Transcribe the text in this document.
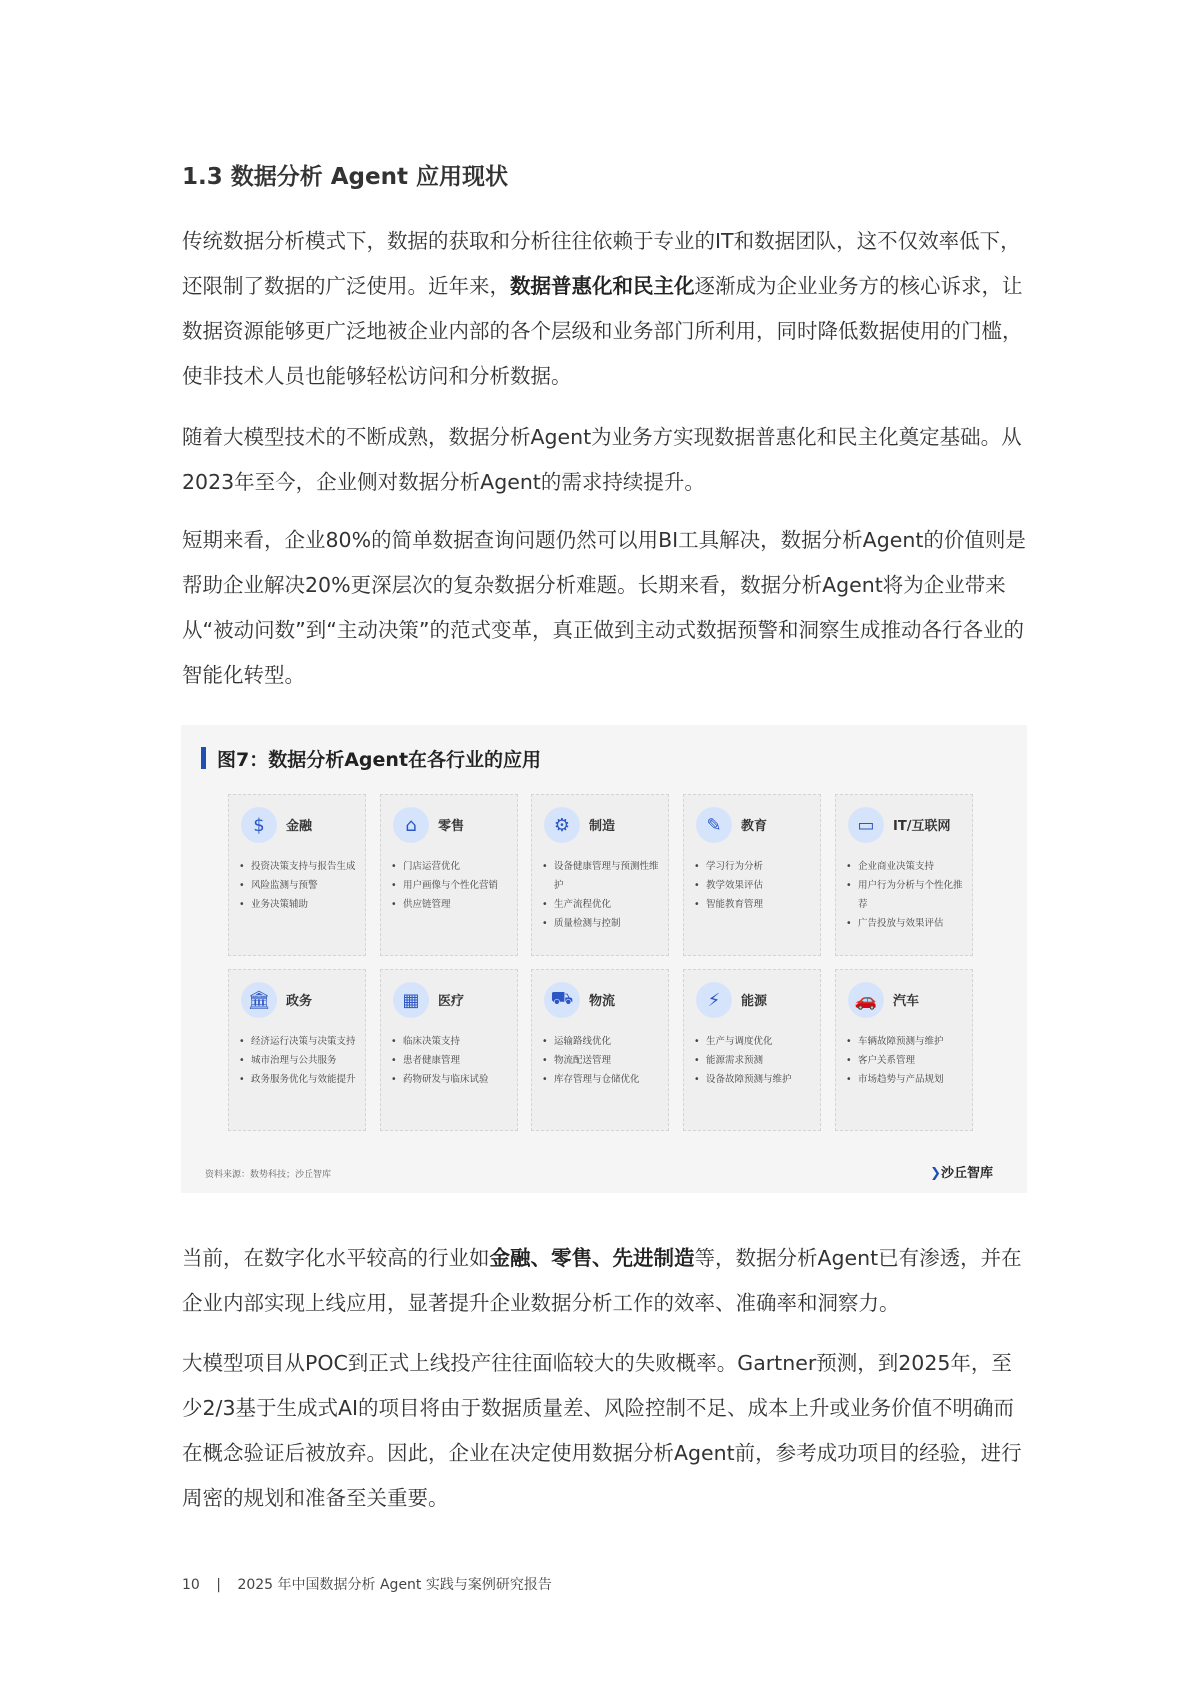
1.3 数据分析 Agent 应用现状
传统数据分析模式下，数据的获取和分析往往依赖于专业的IT和数据团队，这不仅效率低下，还限制了数据的广泛使用。近年来，数据普惠化和民主化逐渐成为企业业务方的核心诉求，让数据资源能够更广泛地被企业内部的各个层级和业务部门所利用，同时降低数据使用的门槛，使非技术人员也能够轻松访问和分析数据。
随着大模型技术的不断成熟，数据分析Agent为业务方实现数据普惠化和民主化奠定基础。从2023年至今，企业侧对数据分析Agent的需求持续提升。
短期来看，企业80%的简单数据查询问题仍然可以用BI工具解决，数据分析Agent的价值则是帮助企业解决20%更深层次的复杂数据分析难题。长期来看，数据分析Agent将为企业带来从“被动问数”到“主动决策”的范式变革，真正做到主动式数据预警和洞察生成推动各行各业的智能化转型。
图7：数据分析Agent在各行业的应用
$	金融
• 投资决策支持与报告生成
• 风险监测与预警
• 业务决策辅助
⌂	零售
• 门店运营优化
• 用户画像与个性化营销
• 供应链管理
⚙	制造
• 设备健康管理与预测性维护
• 生产流程优化
• 质量检测与控制
✎	教育
• 学习行为分析
• 教学效果评估
• 智能教育管理
▭	IT/互联网
• 企业商业决策支持
• 用户行为分析与个性化推荐
• 广告投放与效果评估
🏛	政务
• 经济运行决策与决策支持
• 城市治理与公共服务
• 政务服务优化与效能提升
▦	医疗
• 临床决策支持
• 患者健康管理
• 药物研发与临床试验
⛟	物流
• 运输路线优化
• 物流配送管理
• 库存管理与仓储优化
⚡	能源
• 生产与调度优化
• 能源需求预测
• 设备故障预测与维护
🚗	汽车
• 车辆故障预测与维护
• 客户关系管理
• 市场趋势与产品规划
资料来源：数势科技；沙丘智库	❯沙丘智库
当前，在数字化水平较高的行业如金融、零售、先进制造等，数据分析Agent已有渗透，并在企业内部实现上线应用，显著提升企业数据分析工作的效率、准确率和洞察力。
大模型项目从POC到正式上线投产往往面临较大的失败概率。Gartner预测，到2025年，至少2/3基于生成式AI的项目将由于数据质量差、风险控制不足、成本上升或业务价值不明确而在概念验证后被放弃。因此，企业在决定使用数据分析Agent前，参考成功项目的经验，进行周密的规划和准备至关重要。
10 | 2025 年中国数据分析 Agent 实践与案例研究报告
